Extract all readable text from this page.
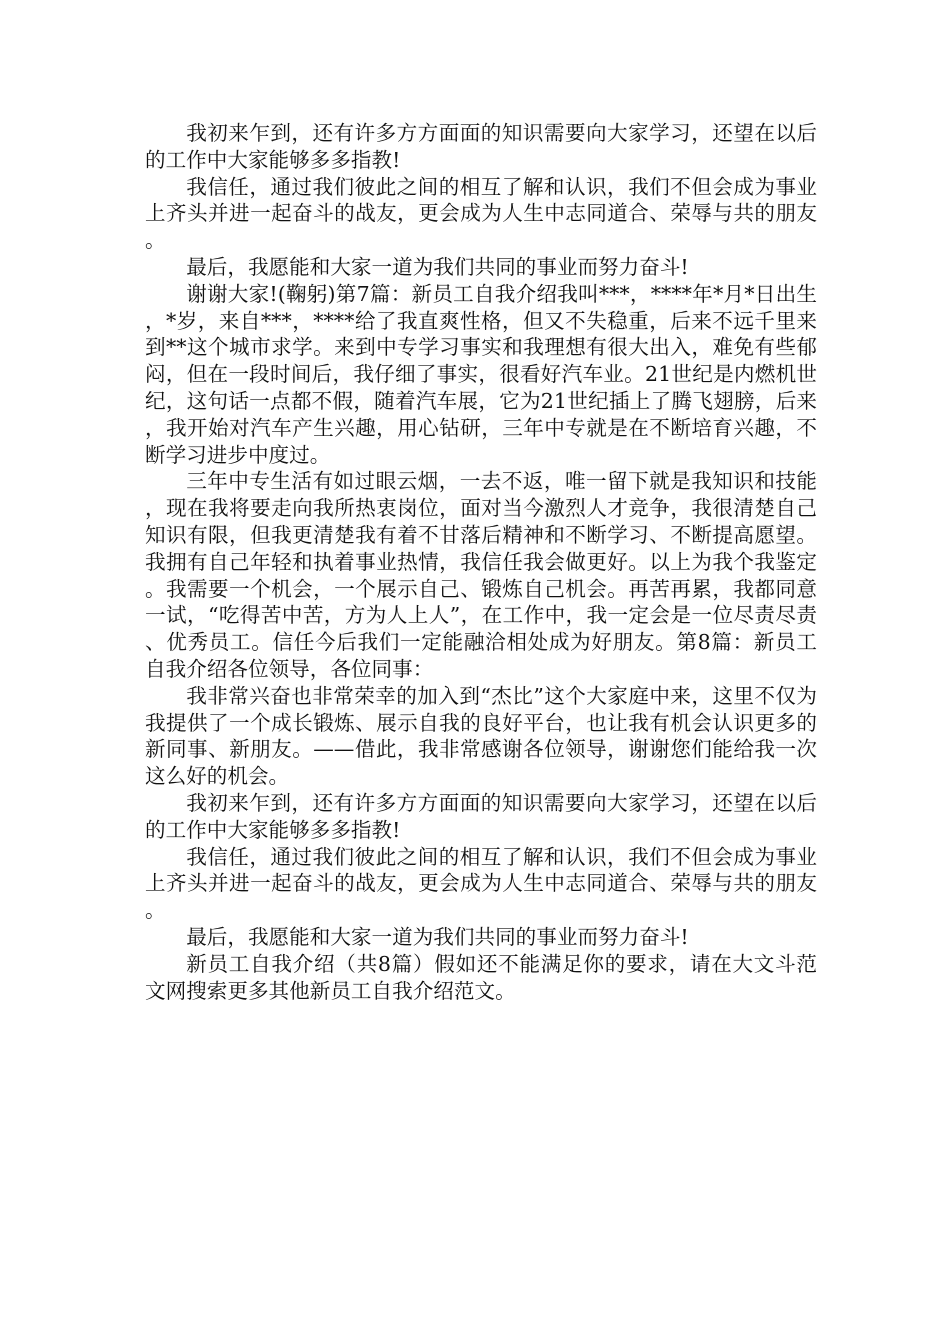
我初来乍到，还有许多方方面面的知识需要向大家学习，还望在以后的工作中大家能够多多指教!

我信任，通过我们彼此之间的相互了解和认识，我们不但会成为事业上齐头并进一起奋斗的战友，更会成为人生中志同道合、荣辱与共的朋友。

最后，我愿能和大家一道为我们共同的事业而努力奋斗!

谢谢大家!(鞠躬)第7篇：新员工自我介绍我叫***，****年*月*日出生，*岁，来自***，****给了我直爽性格，但又不失稳重，后来不远千里来到**这个城市求学。来到中专学习事实和我理想有很大出入，难免有些郁闷，但在一段时间后，我仔细了事实，很看好汽车业。21世纪是内燃机世纪，这句话一点都不假，随着汽车展，它为21世纪插上了腾飞翅膀，后来，我开始对汽车产生兴趣，用心钻研，三年中专就是在不断培育兴趣，不断学习进步中度过。

三年中专生活有如过眼云烟，一去不返，唯一留下就是我知识和技能，现在我将要走向我所热衷岗位，面对当今激烈人才竞争，我很清楚自己知识有限，但我更清楚我有着不甘落后精神和不断学习、不断提高愿望。我拥有自己年轻和执着事业热情，我信任我会做更好。以上为我个我鉴定。我需要一个机会，一个展示自己、锻炼自己机会。再苦再累，我都同意一试，“吃得苦中苦，方为人上人”，在工作中，我一定会是一位尽责尽责、优秀员工。信任今后我们一定能融洽相处成为好朋友。第8篇：新员工自我介绍各位领导，各位同事：

我非常兴奋也非常荣幸的加入到“杰比”这个大家庭中来，这里不仅为我提供了一个成长锻炼、展示自我的良好平台，也让我有机会认识更多的新同事、新朋友。——借此，我非常感谢各位领导，谢谢您们能给我一次这么好的机会。

我初来乍到，还有许多方方面面的知识需要向大家学习，还望在以后的工作中大家能够多多指教!

我信任，通过我们彼此之间的相互了解和认识，我们不但会成为事业上齐头并进一起奋斗的战友，更会成为人生中志同道合、荣辱与共的朋友。

最后，我愿能和大家一道为我们共同的事业而努力奋斗!

新员工自我介绍（共8篇）假如还不能满足你的要求，请在大文斗范文网搜索更多其他新员工自我介绍范文。
